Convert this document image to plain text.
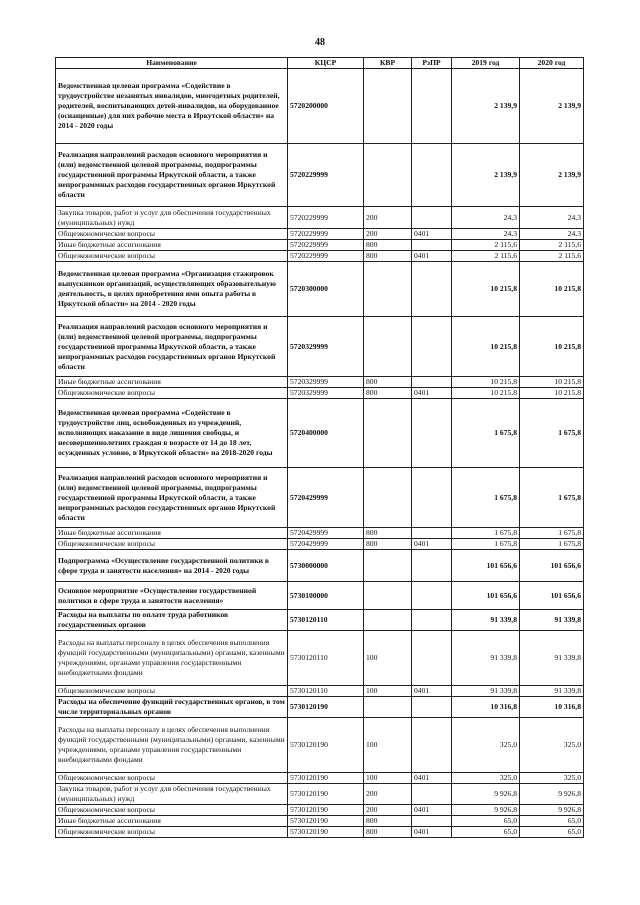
48
Наименование	КЦСР	КВР	РзПР	2019 год	2020 год
Ведомственная целевая программа «Содействие в трудоустройстве незанятых инвалидов, многодетных родителей, родителей, воспитывающих детей-инвалидов, на оборудованное (оснащенные) для них рабочие места в Иркутской области» на 2014 - 2020 годы	5720200000			2 139,9	2 139,9
Реализация направлений расходов основного мероприятия и (или) ведомственной целевой программы, подпрограммы государственной программы Иркутской области, а также непрограммных расходов государственных органов Иркутской области	5720229999			2 139,9	2 139,9
Закупка товаров, работ и услуг для обеспечения государственных (муниципальных) нужд	5720229999	200		24,3	24,3
Общеэкономические вопросы	5720229999	200	0401	24,3	24,3
Иные бюджетные ассигнования	5720229999	800		2 115,6	2 115,6
Общеэкономические вопросы	5720229999	800	0401	2 115,6	2 115,6
Ведомственная целевая программа «Организация стажировок выпускников организаций, осуществляющих образовательную деятельность, в целях приобретения ими опыта работы в Иркутской области» на 2014 - 2020 годы	5720300000			10 215,8	10 215,8
Реализация направлений расходов основного мероприятия и (или) ведомственной целевой программы, подпрограммы государственной программы Иркутской области, а также непрограммных расходов государственных органов Иркутской области	5720329999			10 215,8	10 215,8
Иные бюджетные ассигнования	5720329999	800		10 215,8	10 215,8
Общеэкономические вопросы	5720329999	800	0401	10 215,8	10 215,8
Ведомственная целевая программа «Содействие в трудоустройстве лиц, освобожденных из учреждений, исполняющих наказание в виде лишения свободы, и несовершеннолетних граждан в возрасте от 14 до 18 лет, осужденных условно, в Иркутской области» на 2018-2020 годы	5720400000			1 675,8	1 675,8
Реализация направлений расходов основного мероприятия и (или) ведомственной целевой программы, подпрограммы государственной программы Иркутской области, а также непрограммных расходов государственных органов Иркутской области	5720429999			1 675,8	1 675,8
Иные бюджетные ассигнования	5720429999	800		1 675,8	1 675,8
Общеэкономические вопросы	5720429999	800	0401	1 675,8	1 675,8
Подпрограмма «Осуществление государственной политики в сфере труда и занятости населения» на 2014 - 2020 годы	5730000000			101 656,6	101 656,6
Основное мероприятие «Осуществление государственной политики в сфере труда и занятости населения»	5730100000			101 656,6	101 656,6
Расходы на выплаты по оплате труда работников государственных органов	5730120110			91 339,8	91 339,8
Расходы на выплаты персоналу в целях обеспечения выполнения функций государственными (муниципальными) органами, казенными учреждениями, органами управления государственными внебюджетными фондами	5730120110	100		91 339,8	91 339,8
Общеэкономические вопросы	5730120110	100	0401	91 339,8	91 339,8
Расходы на обеспечение функций государственных органов, в том числе территориальных органов	5730120190			10 316,8	10 316,8
Расходы на выплаты персоналу в целях обеспечения выполнения функций государственными (муниципальными) органами, казенными учреждениями, органами управления государственными внебюджетными фондами	5730120190	100		325,0	325,0
Общеэкономические вопросы	5730120190	100	0401	325,0	325,0
Закупка товаров, работ и услуг для обеспечения государственных (муниципальных) нужд	5730120190	200		9 926,8	9 926,8
Общеэкономические вопросы	5730120190	200	0401	9 926,8	9 926,8
Иные бюджетные ассигнования	5730120190	800		65,0	65,0
Общеэкономические вопросы	5730120190	800	0401	65,0	65,0
